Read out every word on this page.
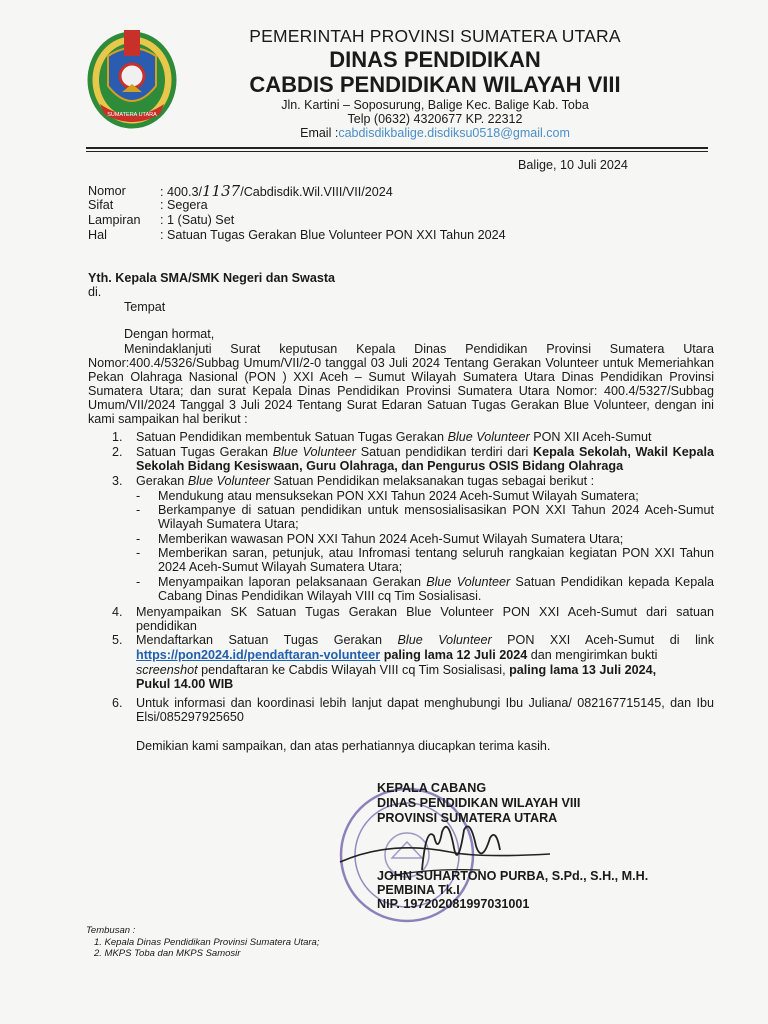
SUMATERA UTARA
PEMERINTAH PROVINSI SUMATERA UTARA
DINAS PENDIDIKAN
CABDIS PENDIDIKAN WILAYAH VIII
Jln. Kartini – Soposurung, Balige Kec. Balige Kab. Toba
Telp (0632) 4320677 KP. 22312
Email :cabdisdikbalige.disdiksu0518@gmail.com
Balige, 10 Juli 2024
Nomor	: 400.3/1137/Cabdisdik.Wil.VIII/VII/2024
Sifat	: Segera
Lampiran : 1 (Satu) Set
Hal	: Satuan Tugas Gerakan Blue Volunteer PON XXI Tahun 2024
Yth. Kepala SMA/SMK Negeri dan Swasta
di.
Tempat
Dengan hormat,
Menindaklanjuti Surat keputusan Kepala Dinas Pendidikan Provinsi Sumatera Utara Nomor:400.4/5326/Subbag Umum/VII/2-0 tanggal 03 Juli 2024 Tentang Gerakan Volunteer untuk Memeriahkan Pekan Olahraga Nasional (PON ) XXI Aceh – Sumut Wilayah Sumatera Utara Dinas Pendidikan Provinsi Sumatera Utara; dan surat Kepala Dinas Pendidikan Provinsi Sumatera Utara Nomor: 400.4/5327/Subbag Umum/VII/2024 Tanggal 3 Juli 2024 Tentang Surat Edaran Satuan Tugas Gerakan Blue Volunteer, dengan ini kami sampaikan hal berikut :
1. Satuan Pendidikan membentuk Satuan Tugas Gerakan Blue Volunteer PON XII Aceh-Sumut
2. Satuan Tugas Gerakan Blue Volunteer Satuan pendidikan terdiri dari Kepala Sekolah, Wakil Kepala Sekolah Bidang Kesiswaan, Guru Olahraga, dan Pengurus OSIS Bidang Olahraga
3. Gerakan Blue Volunteer Satuan Pendidikan melaksanakan tugas sebagai berikut :
- Mendukung atau mensuksekan PON XXI Tahun 2024 Aceh-Sumut Wilayah Sumatera;
- Berkampanye di satuan pendidikan untuk mensosialisasikan PON XXI Tahun 2024 Aceh-Sumut Wilayah Sumatera Utara;
- Memberikan wawasan PON XXI Tahun 2024 Aceh-Sumut Wilayah Sumatera Utara;
- Memberikan saran, petunjuk, atau Infromasi tentang seluruh rangkaian kegiatan PON XXI Tahun 2024 Aceh-Sumut Wilayah Sumatera Utara;
- Menyampaikan laporan pelaksanaan Gerakan Blue Volunteer Satuan Pendidikan kepada Kepala Cabang Dinas Pendidikan Wilayah VIII cq Tim Sosialisasi.
4. Menyampaikan SK Satuan Tugas Gerakan Blue Volunteer PON XXI Aceh-Sumut dari satuan pendidikan
5. Mendaftarkan Satuan Tugas Gerakan Blue Volunteer PON XXI Aceh-Sumut di link
https://pon2024.id/pendaftaran-volunteer paling lama 12 Juli 2024 dan mengirimkan bukti
screenshot pendaftaran ke Cabdis Wilayah VIII cq Tim Sosialisasi, paling lama 13 Juli 2024,
Pukul 14.00 WIB
6. Untuk informasi dan koordinasi lebih lanjut dapat menghubungi Ibu Juliana/ 082167715145, dan Ibu Elsi/085297925650
Demikian kami sampaikan, dan atas perhatiannya diucapkan terima kasih.
KEPALA CABANG
DINAS PENDIDIKAN WILAYAH VIII
PROVINSI SUMATERA UTARA
JOHN SUHARTONO PURBA, S.Pd., S.H., M.H.
PEMBINA Tk.I
NIP. 197202081997031001
Tembusan :
1. Kepala Dinas Pendidikan Provinsi Sumatera Utara;
2. MKPS Toba dan MKPS Samosir
